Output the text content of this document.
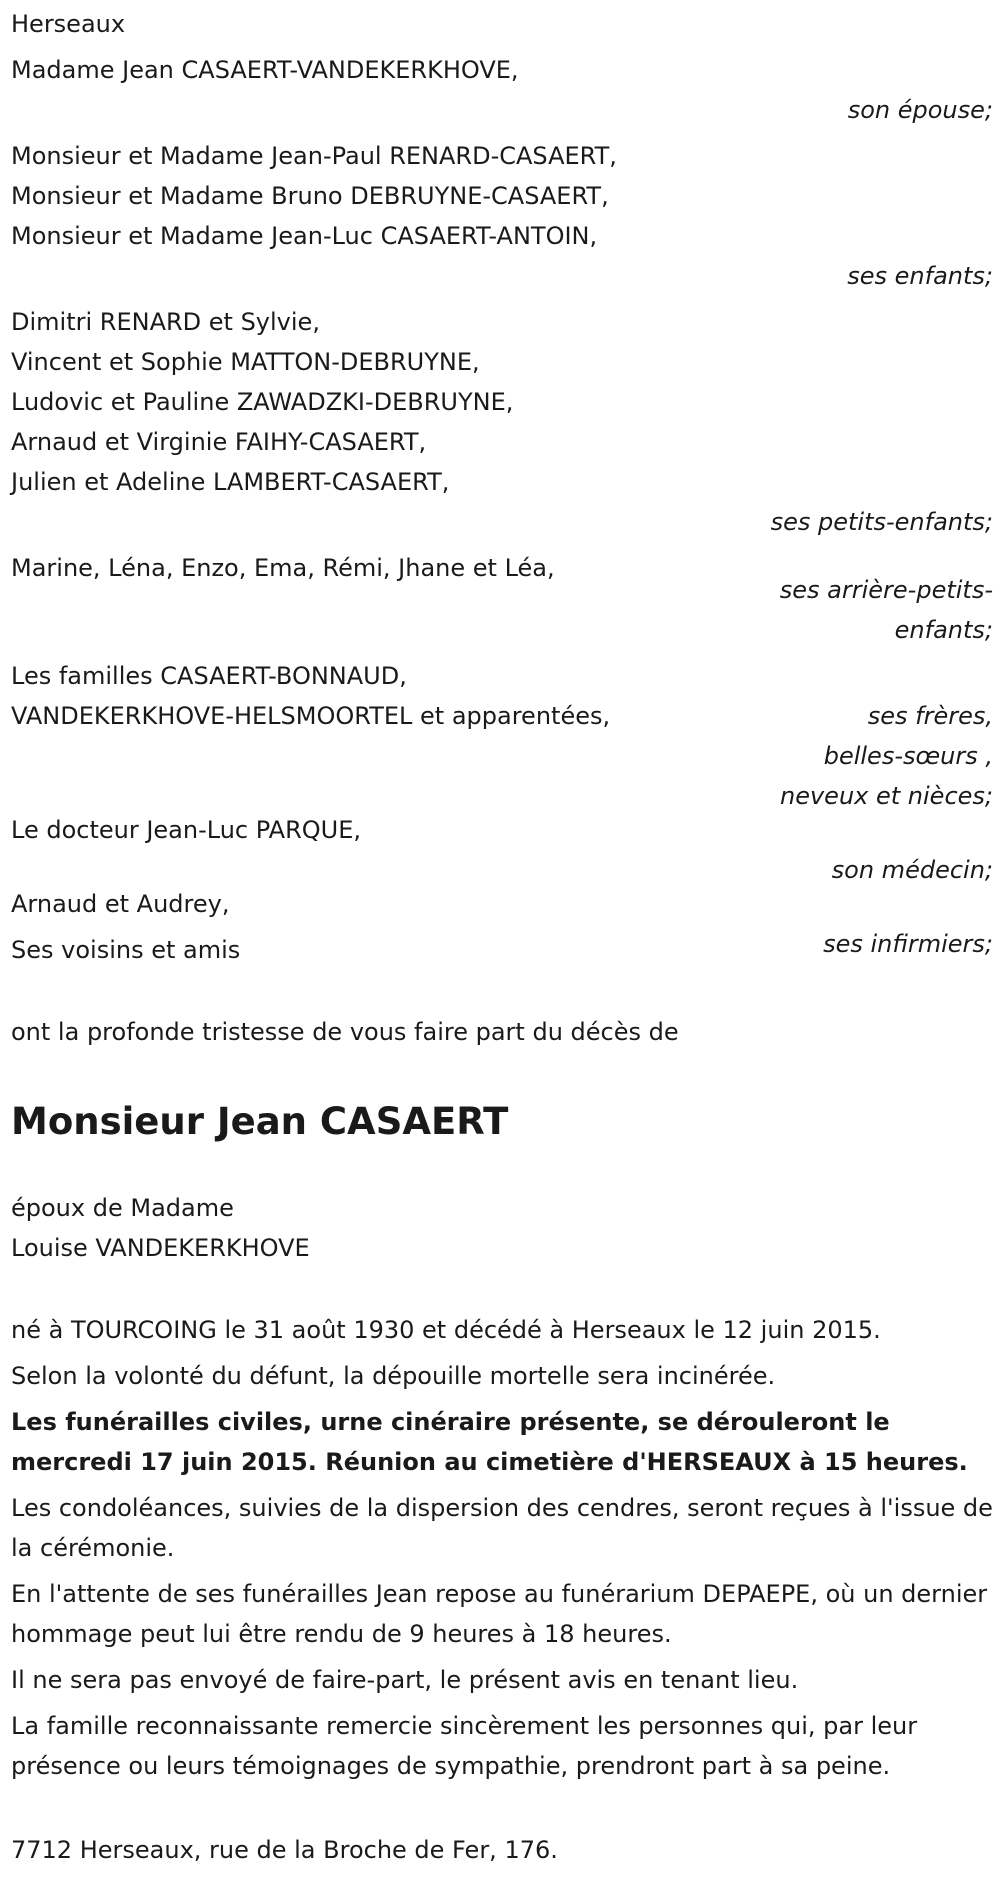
Herseaux
Madame Jean CASAERT-VANDEKERKHOVE,
son épouse;
Monsieur et Madame Jean-Paul RENARD-CASAERT,
Monsieur et Madame Bruno DEBRUYNE-CASAERT,
Monsieur et Madame Jean-Luc CASAERT-ANTOIN,
ses enfants;
Dimitri RENARD et Sylvie,
Vincent et Sophie MATTON-DEBRUYNE,
Ludovic et Pauline ZAWADZKI-DEBRUYNE,
Arnaud et Virginie FAIHY-CASAERT,
Julien et Adeline LAMBERT-CASAERT,
ses petits-enfants;
Marine, Léna, Enzo, Ema, Rémi, Jhane et Léa,
ses arrière-petits-
enfants;
Les familles CASAERT-BONNAUD,
VANDEKERKHOVE-HELSMOORTEL et apparentées,	ses frères,
belles-sœurs ,
neveux et nièces;
Le docteur Jean-Luc PARQUE,
son médecin;
Arnaud et Audrey,
ses infirmiers;
Ses voisins et amis
ont la profonde tristesse de vous faire part du décès de
Monsieur Jean CASAERT
époux de Madame
Louise VANDEKERKHOVE
né à TOURCOING le 31 août 1930 et décédé à Herseaux le 12 juin 2015.
Selon la volonté du défunt, la dépouille mortelle sera incinérée.
Les funérailles civiles, urne cinéraire présente, se dérouleront le mercredi 17 juin 2015. Réunion au cimetière d'HERSEAUX à 15 heures.
Les condoléances, suivies de la dispersion des cendres, seront reçues à l'issue de la cérémonie.
En l'attente de ses funérailles Jean repose au funérarium DEPAEPE, où un dernier hommage peut lui être rendu de 9 heures à 18 heures.
Il ne sera pas envoyé de faire-part, le présent avis en tenant lieu.
La famille reconnaissante remercie sincèrement les personnes qui, par leur présence ou leurs témoignages de sympathie, prendront part à sa peine.
7712 Herseaux, rue de la Broche de Fer, 176.
